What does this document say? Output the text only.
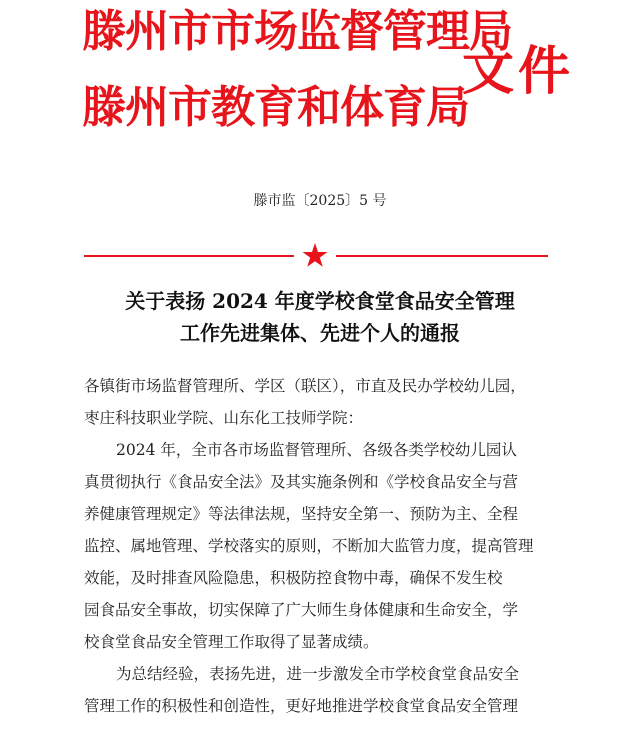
滕州市市场监督管理局
滕州市教育和体育局
文件
滕市监〔2025〕5 号
关于表扬 2024 年度学校食堂食品安全管理
工作先进集体、先进个人的通报
各镇街市场监督管理所、学区（联区），市直及民办学校幼儿园，
枣庄科技职业学院、山东化工技师学院：
2024 年，全市各市场监督管理所、各级各类学校幼儿园认
真贯彻执行《食品安全法》及其实施条例和《学校食品安全与营
养健康管理规定》等法律法规，坚持安全第一、预防为主、全程
监控、属地管理、学校落实的原则，不断加大监管力度，提高管理
效能，及时排查风险隐患，积极防控食物中毒，确保不发生校
园食品安全事故，切实保障了广大师生身体健康和生命安全，学
校食堂食品安全管理工作取得了显著成绩。
为总结经验，表扬先进，进一步激发全市学校食堂食品安全
管理工作的积极性和创造性，更好地推进学校食堂食品安全管理
